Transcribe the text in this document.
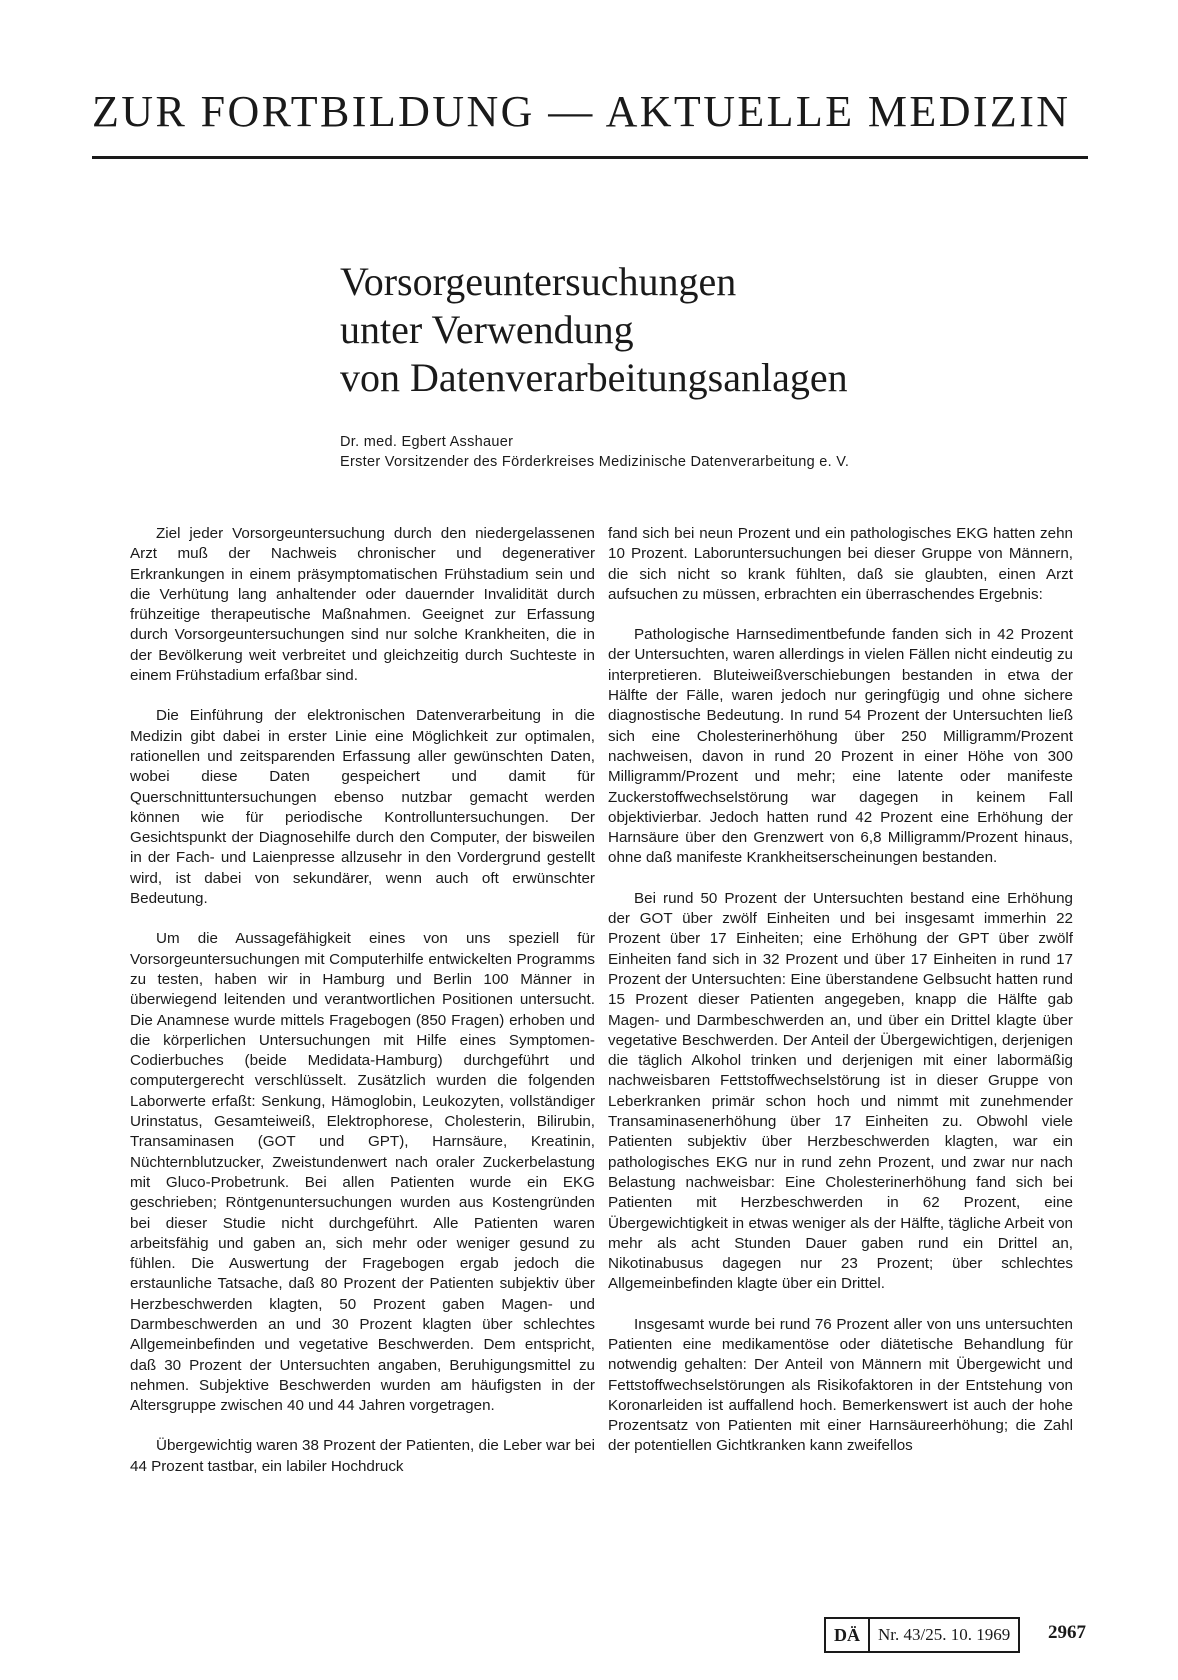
ZUR FORTBILDUNG — AKTUELLE MEDIZIN
Vorsorgeuntersuchungen
unter Verwendung
von Datenverarbeitungsanlagen
Dr. med. Egbert Asshauer
Erster Vorsitzender des Förderkreises Medizinische Datenverarbeitung e. V.

Ziel jeder Vorsorgeuntersuchung durch den niedergelassenen Arzt muß der Nachweis chronischer und degenerativer Erkrankungen in einem präsymptomatischen Frühstadium sein und die Verhütung lang anhaltender oder dauernder Invalidität durch frühzeitige therapeutische Maßnahmen. Geeignet zur Erfassung durch Vorsorgeuntersuchungen sind nur solche Krankheiten, die in der Bevölkerung weit verbreitet und gleichzeitig durch Suchteste in einem Frühstadium erfaßbar sind.

Die Einführung der elektronischen Datenverarbeitung in die Medizin gibt dabei in erster Linie eine Möglichkeit zur optimalen, rationellen und zeitsparenden Erfassung aller gewünschten Daten, wobei diese Daten gespeichert und damit für Querschnittuntersuchungen ebenso nutzbar gemacht werden können wie für periodische Kontrolluntersuchungen. Der Gesichtspunkt der Diagnosehilfe durch den Computer, der bisweilen in der Fach- und Laienpresse allzusehr in den Vordergrund gestellt wird, ist dabei von sekundärer, wenn auch oft erwünschter Bedeutung.

Um die Aussagefähigkeit eines von uns speziell für Vorsorgeuntersuchungen mit Computerhilfe entwickelten Programms zu testen, haben wir in Hamburg und Berlin 100 Männer in überwiegend leitenden und verantwortlichen Positionen untersucht. Die Anamnese wurde mittels Fragebogen (850 Fragen) erhoben und die körperlichen Untersuchungen mit Hilfe eines Symptomen-Codierbuches (beide Medidata-Hamburg) durchgeführt und computergerecht verschlüsselt. Zusätzlich wurden die folgenden Laborwerte erfaßt: Senkung, Hämoglobin, Leukozyten, vollständiger Urinstatus, Gesamteiweiß, Elektrophorese, Cholesterin, Bilirubin, Transaminasen (GOT und GPT), Harnsäure, Kreatinin, Nüchternblutzucker, Zweistundenwert nach oraler Zuckerbelastung mit Gluco-Probetrunk. Bei allen Patienten wurde ein EKG geschrieben; Röntgenuntersuchungen wurden aus Kostengründen bei dieser Studie nicht durchgeführt. Alle Patienten waren arbeitsfähig und gaben an, sich mehr oder weniger gesund zu fühlen. Die Auswertung der Fragebogen ergab jedoch die erstaunliche Tatsache, daß 80 Prozent der Patienten subjektiv über Herzbeschwerden klagten, 50 Prozent gaben Magen- und Darmbeschwerden an und 30 Prozent klagten über schlechtes Allgemeinbefinden und vegetative Beschwerden. Dem entspricht, daß 30 Prozent der Untersuchten angaben, Beruhigungsmittel zu nehmen. Subjektive Beschwerden wurden am häufigsten in der Altersgruppe zwischen 40 und 44 Jahren vorgetragen.

Übergewichtig waren 38 Prozent der Patienten, die Leber war bei 44 Prozent tastbar, ein labiler Hochdruck

fand sich bei neun Prozent und ein pathologisches EKG hatten zehn 10 Prozent. Laboruntersuchungen bei dieser Gruppe von Männern, die sich nicht so krank fühlten, daß sie glaubten, einen Arzt aufsuchen zu müssen, erbrachten ein überraschendes Ergebnis:

Pathologische Harnsedimentbefunde fanden sich in 42 Prozent der Untersuchten, waren allerdings in vielen Fällen nicht eindeutig zu interpretieren. Bluteiweißverschiebungen bestanden in etwa der Hälfte der Fälle, waren jedoch nur geringfügig und ohne sichere diagnostische Bedeutung. In rund 54 Prozent der Untersuchten ließ sich eine Cholesterinerhöhung über 250 Milligramm/Prozent nachweisen, davon in rund 20 Prozent in einer Höhe von 300 Milligramm/Prozent und mehr; eine latente oder manifeste Zuckerstoffwechselstörung war dagegen in keinem Fall objektivierbar. Jedoch hatten rund 42 Prozent eine Erhöhung der Harnsäure über den Grenzwert von 6,8 Milligramm/Prozent hinaus, ohne daß manifeste Krankheitserscheinungen bestanden.

Bei rund 50 Prozent der Untersuchten bestand eine Erhöhung der GOT über zwölf Einheiten und bei insgesamt immerhin 22 Prozent über 17 Einheiten; eine Erhöhung der GPT über zwölf Einheiten fand sich in 32 Prozent und über 17 Einheiten in rund 17 Prozent der Untersuchten: Eine überstandene Gelbsucht hatten rund 15 Prozent dieser Patienten angegeben, knapp die Hälfte gab Magen- und Darmbeschwerden an, und über ein Drittel klagte über vegetative Beschwerden. Der Anteil der Übergewichtigen, derjenigen die täglich Alkohol trinken und derjenigen mit einer labormäßig nachweisbaren Fettstoffwechselstörung ist in dieser Gruppe von Leberkranken primär schon hoch und nimmt mit zunehmender Transaminasenerhöhung über 17 Einheiten zu. Obwohl viele Patienten subjektiv über Herzbeschwerden klagten, war ein pathologisches EKG nur in rund zehn Prozent, und zwar nur nach Belastung nachweisbar: Eine Cholesterinerhöhung fand sich bei Patienten mit Herzbeschwerden in 62 Prozent, eine Übergewichtigkeit in etwas weniger als der Hälfte, tägliche Arbeit von mehr als acht Stunden Dauer gaben rund ein Drittel an, Nikotinabusus dagegen nur 23 Prozent; über schlechtes Allgemeinbefinden klagte über ein Drittel.

Insgesamt wurde bei rund 76 Prozent aller von uns untersuchten Patienten eine medikamentöse oder diätetische Behandlung für notwendig gehalten: Der Anteil von Männern mit Übergewicht und Fettstoffwechselstörungen als Risikofaktoren in der Entstehung von Koronarleiden ist auffallend hoch. Bemerkenswert ist auch der hohe Prozentsatz von Patienten mit einer Harnsäureerhöhung; die Zahl der potentiellen Gichtkranken kann zweifellos

DÄ	Nr. 43/25. 10. 1969	2967
